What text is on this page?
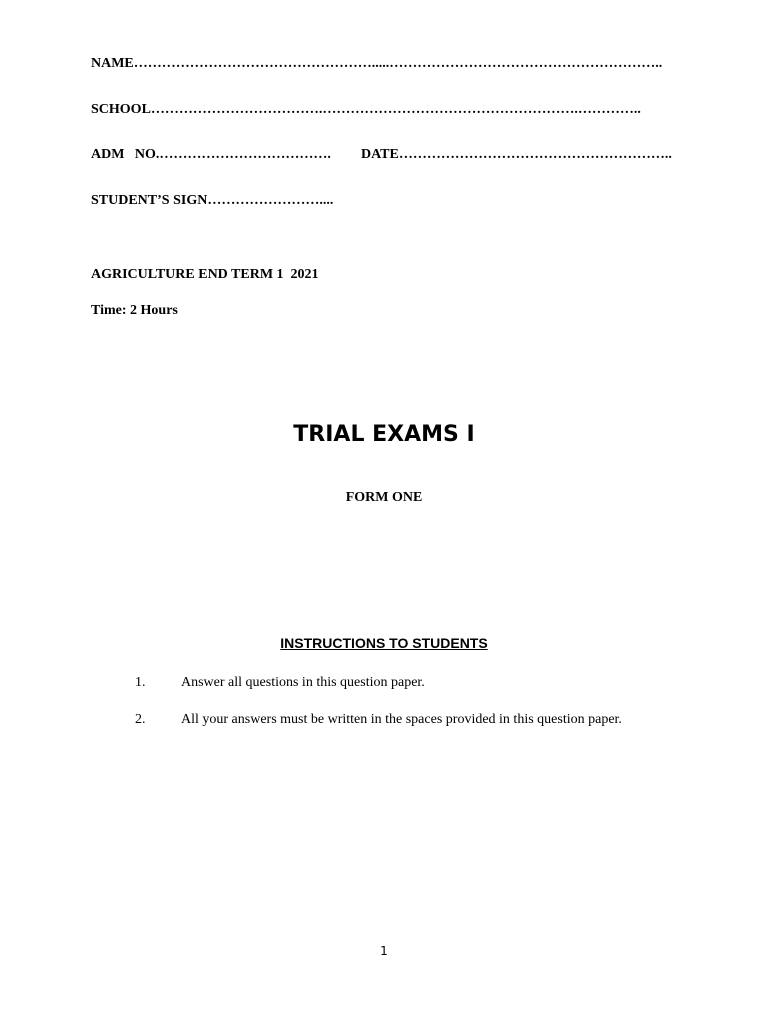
NAME…………………………………………….....…………………………………………………..
SCHOOL……………………………….……………………………………………….…………..
ADM   NO.………………………………. DATE…………………………………………………..
STUDENT’S SIGN……………………....
AGRICULTURE END TERM 1  2021
Time: 2 Hours
TRIAL EXAMS I
FORM ONE
INSTRUCTIONS TO STUDENTS
1.	Answer all questions in this question paper.
2.	All your answers must be written in the spaces provided in this question paper.
1
